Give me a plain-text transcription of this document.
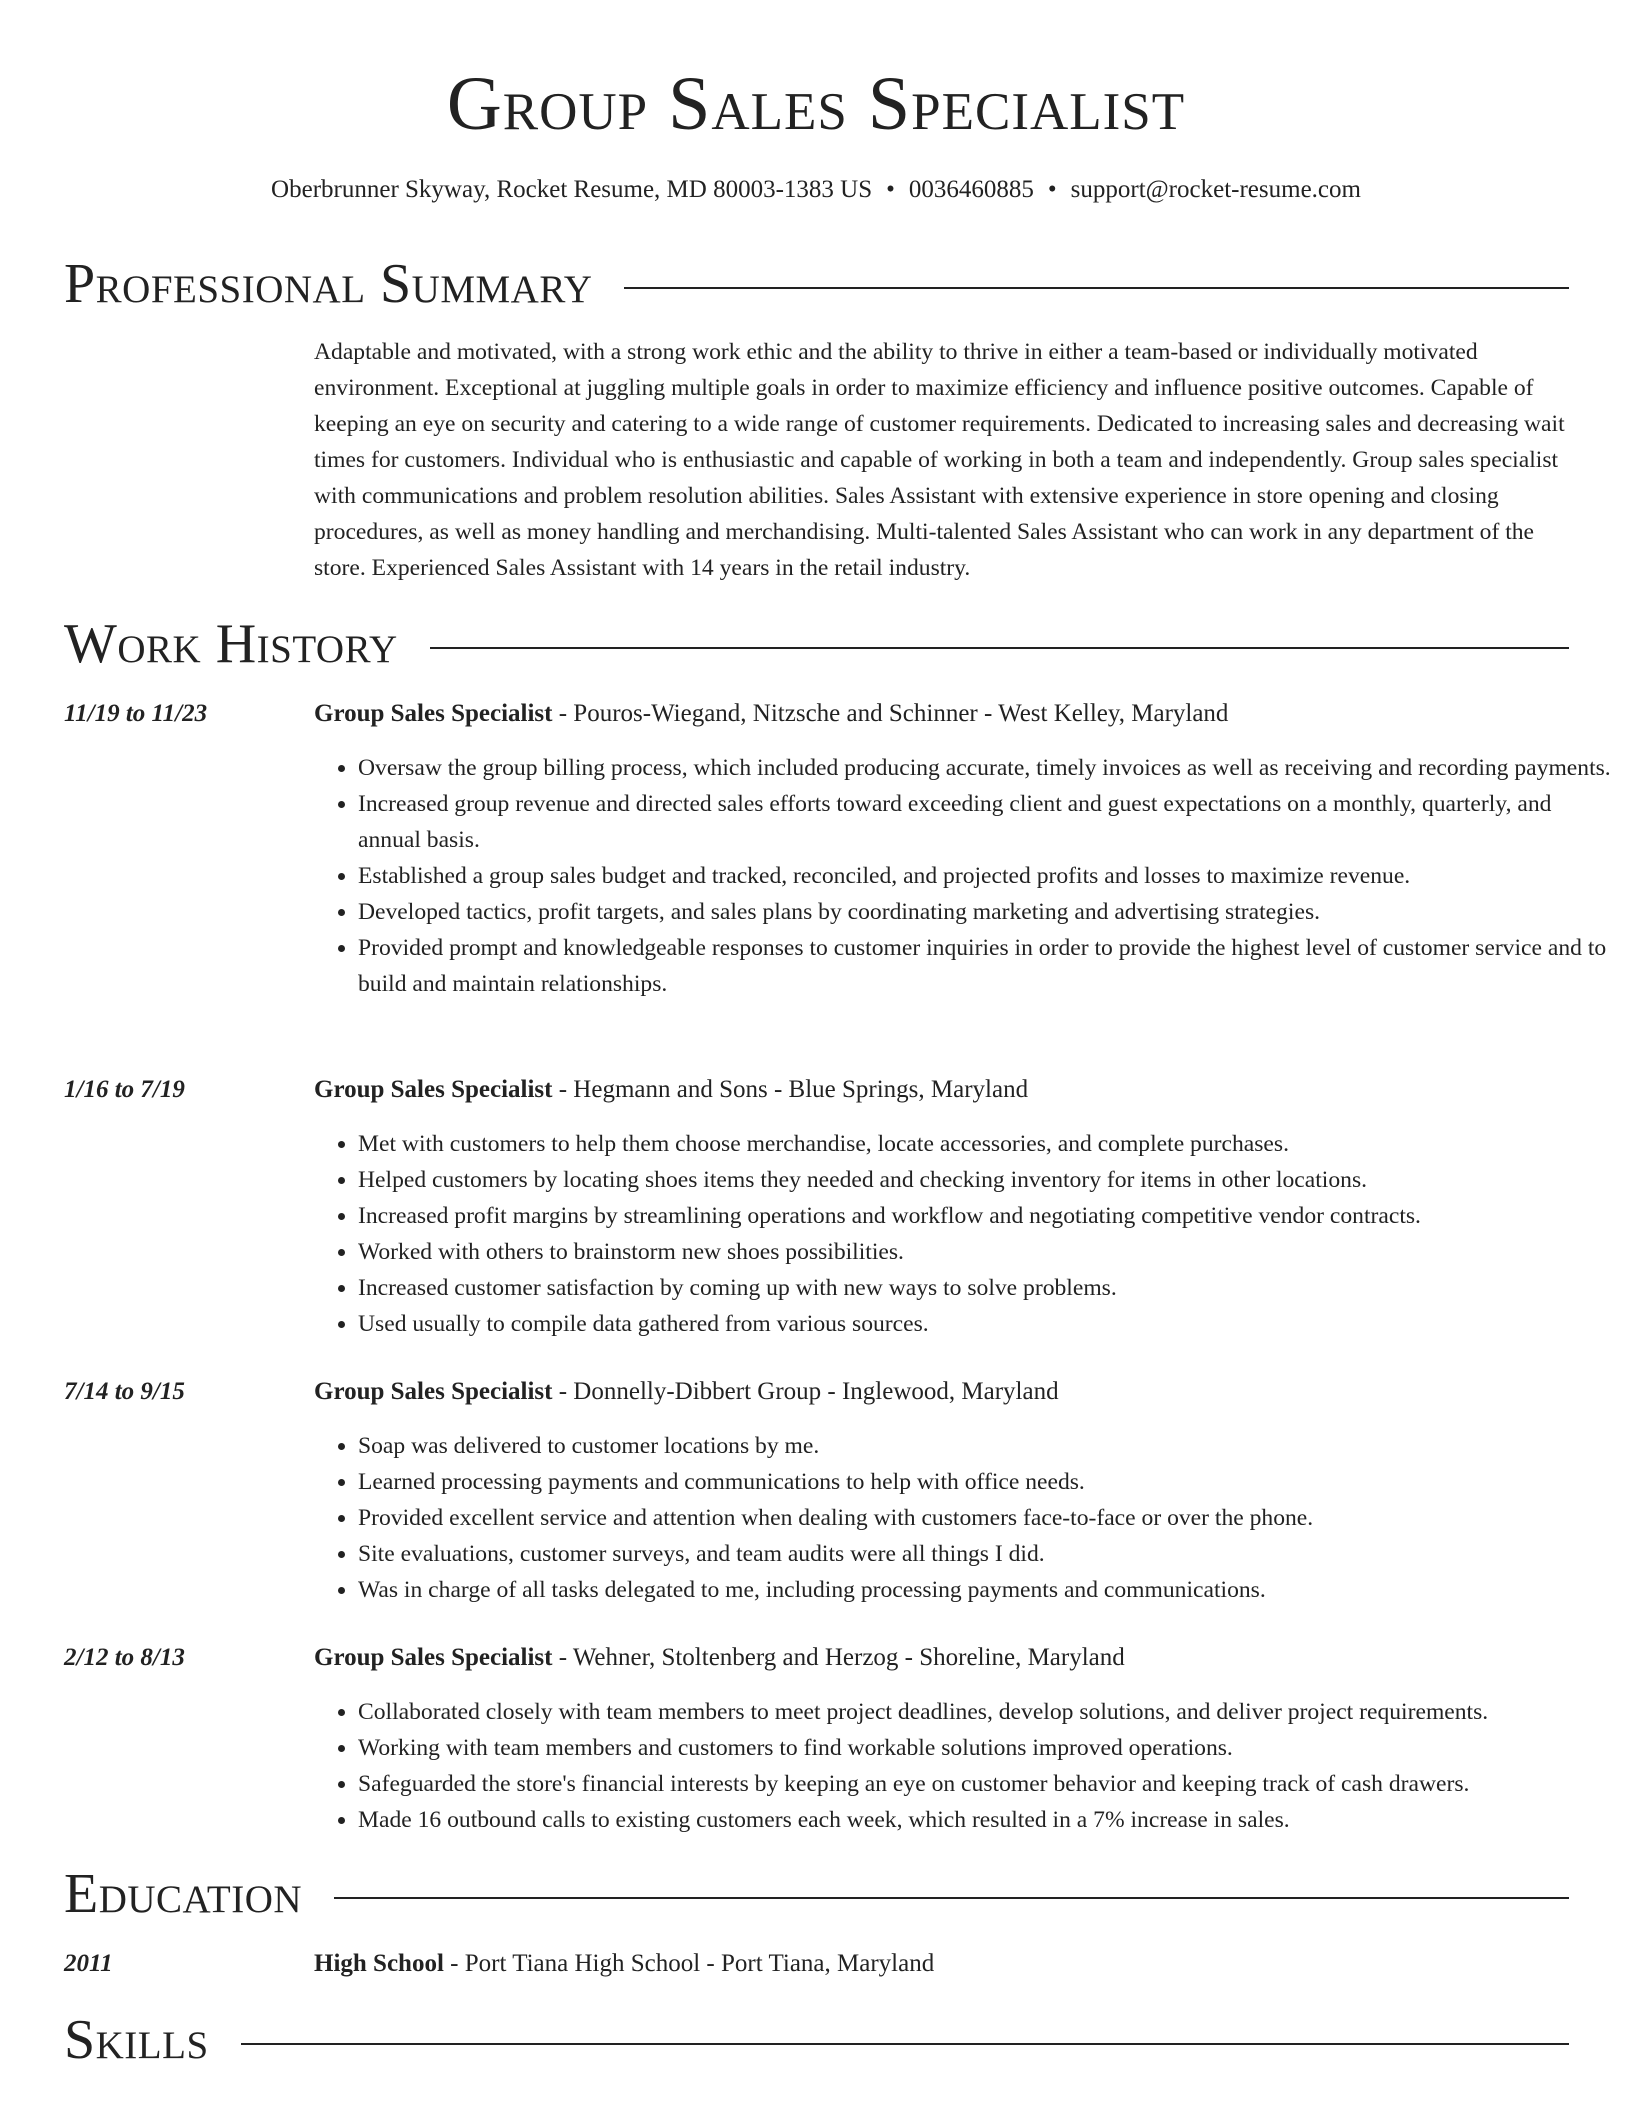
Group Sales Specialist
Oberbrunner Skyway, Rocket Resume, MD 80003-1383 US • 0036460885 • support@rocket-resume.com
Professional Summary

Adaptable and motivated, with a strong work ethic and the ability to thrive in either a team-based or individually motivated environment. Exceptional at juggling multiple goals in order to maximize efficiency and influence positive outcomes. Capable of keeping an eye on security and catering to a wide range of customer requirements. Dedicated to increasing sales and decreasing wait times for customers. Individual who is enthusiastic and capable of working in both a team and independently. Group sales specialist with communications and problem resolution abilities. Sales Assistant with extensive experience in store opening and closing procedures, as well as money handling and merchandising. Multi-talented Sales Assistant who can work in any department of the store. Experienced Sales Assistant with 14 years in the retail industry.

Work History
11/19 to 11/23	Group Sales Specialist - Pouros-Wiegand, Nitzsche and Schinner - West Kelley, Maryland
• Oversaw the group billing process, which included producing accurate, timely invoices as well as receiving and recording payments.
• Increased group revenue and directed sales efforts toward exceeding client and guest expectations on a monthly, quarterly, and annual basis.
• Established a group sales budget and tracked, reconciled, and projected profits and losses to maximize revenue.
• Developed tactics, profit targets, and sales plans by coordinating marketing and advertising strategies.
• Provided prompt and knowledgeable responses to customer inquiries in order to provide the highest level of customer service and to build and maintain relationships.
1/16 to 7/19	Group Sales Specialist - Hegmann and Sons - Blue Springs, Maryland
• Met with customers to help them choose merchandise, locate accessories, and complete purchases.
• Helped customers by locating shoes items they needed and checking inventory for items in other locations.
• Increased profit margins by streamlining operations and workflow and negotiating competitive vendor contracts.
• Worked with others to brainstorm new shoes possibilities.
• Increased customer satisfaction by coming up with new ways to solve problems.
• Used usually to compile data gathered from various sources.
7/14 to 9/15	Group Sales Specialist - Donnelly-Dibbert Group - Inglewood, Maryland
• Soap was delivered to customer locations by me.
• Learned processing payments and communications to help with office needs.
• Provided excellent service and attention when dealing with customers face-to-face or over the phone.
• Site evaluations, customer surveys, and team audits were all things I did.
• Was in charge of all tasks delegated to me, including processing payments and communications.
2/12 to 8/13	Group Sales Specialist - Wehner, Stoltenberg and Herzog - Shoreline, Maryland
• Collaborated closely with team members to meet project deadlines, develop solutions, and deliver project requirements.
• Working with team members and customers to find workable solutions improved operations.
• Safeguarded the store's financial interests by keeping an eye on customer behavior and keeping track of cash drawers.
• Made 16 outbound calls to existing customers each week, which resulted in a 7% increase in sales.
Education
2011	High School - Port Tiana High School - Port Tiana, Maryland
Skills
